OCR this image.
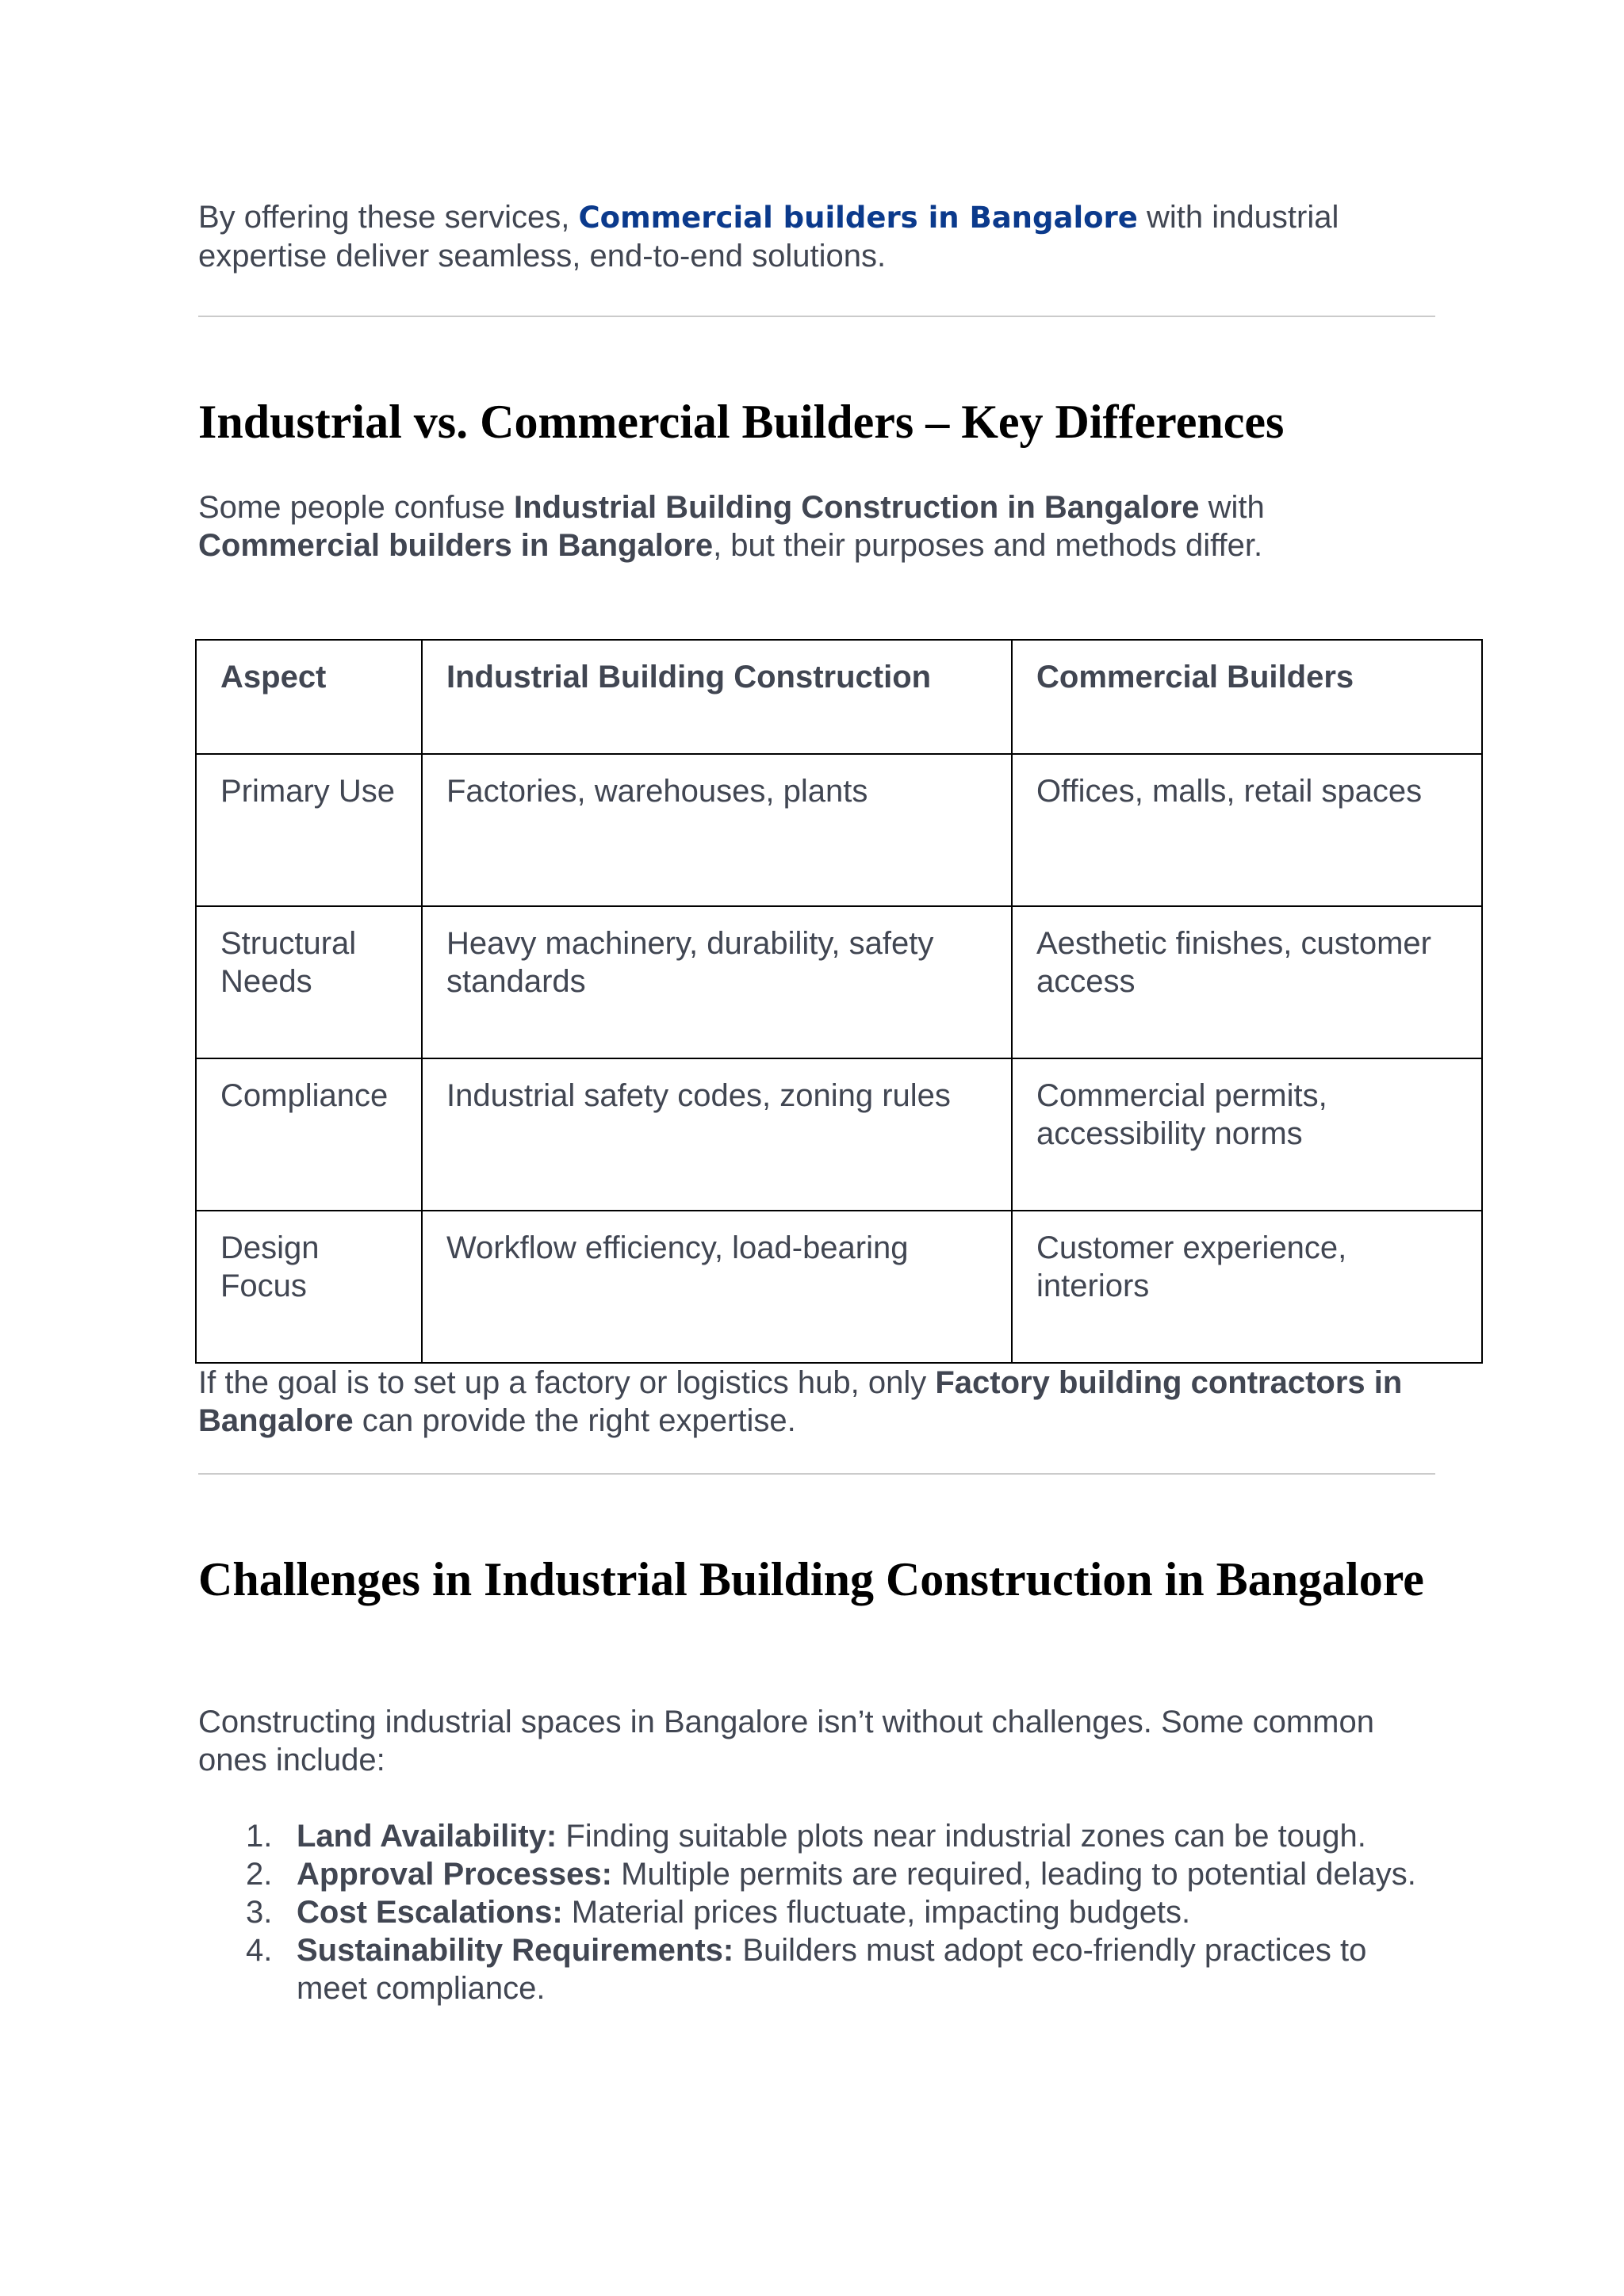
By offering these services, Commercial builders in Bangalore with industrial expertise deliver seamless, end-to-end solutions.

Industrial vs. Commercial Builders – Key Differences

Some people confuse Industrial Building Construction in Bangalore with Commercial builders in Bangalore, but their purposes and methods differ.

Aspect	Industrial Building Construction	Commercial Builders
Primary Use	Factories, warehouses, plants	Offices, malls, retail spaces
Structural Needs	Heavy machinery, durability, safety standards	Aesthetic finishes, customer access
Compliance	Industrial safety codes, zoning rules	Commercial permits, accessibility norms
Design Focus	Workflow efficiency, load-bearing	Customer experience, interiors

If the goal is to set up a factory or logistics hub, only Factory building contractors in Bangalore can provide the right expertise.

Challenges in Industrial Building Construction in Bangalore

Constructing industrial spaces in Bangalore isn’t without challenges. Some common ones include:

1. Land Availability: Finding suitable plots near industrial zones can be tough.
2. Approval Processes: Multiple permits are required, leading to potential delays.
3. Cost Escalations: Material prices fluctuate, impacting budgets.
4. Sustainability Requirements: Builders must adopt eco-friendly practices to meet compliance.
